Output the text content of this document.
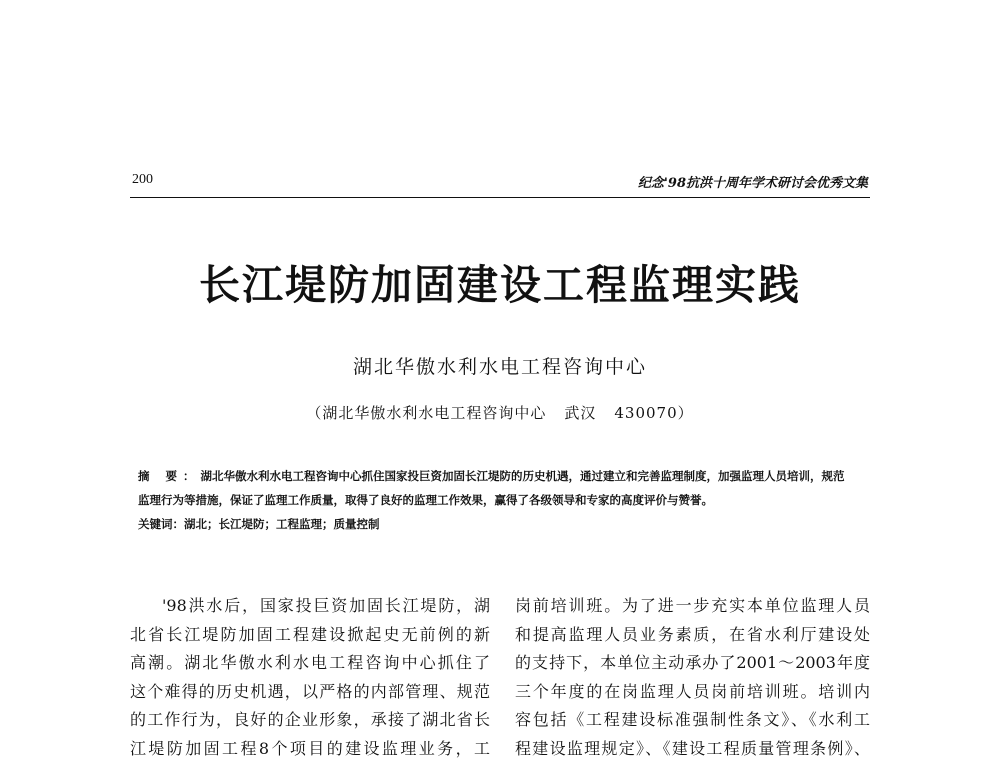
200	纪念'98抗洪十周年学术研讨会优秀文集
长江堤防加固建设工程监理实践
湖北华傲水利水电工程咨询中心
（湖北华傲水利水电工程咨询中心 武汉 430070）
摘 要：湖北华傲水利水电工程咨询中心抓住国家投巨资加固长江堤防的历史机遇，通过建立和完善监理制度，加强监理人员培训，规范监理行为等措施，保证了监理工作质量，取得了良好的监理工作效果，赢得了各级领导和专家的高度评价与赞誉。
关键词：湖北；长江堤防；工程监理；质量控制
'98洪水后，国家投巨资加固长江堤防，湖
北省长江堤防加固工程建设掀起史无前例的新
高潮。湖北华傲水利水电工程咨询中心抓住了
这个难得的历史机遇，以严格的内部管理、规范
的工作行为，良好的企业形象，承接了湖北省长
江堤防加固工程8个项目的建设监理业务，工
岗前培训班。为了进一步充实本单位监理人员
和提高监理人员业务素质，在省水利厅建设处
的支持下，本单位主动承办了2001～2003年度
三个年度的在岗监理人员岗前培训班。培训内
容包括《工程建设标准强制性条文》、《水利工
程建设监理规定》、《建设工程质量管理条例》、
